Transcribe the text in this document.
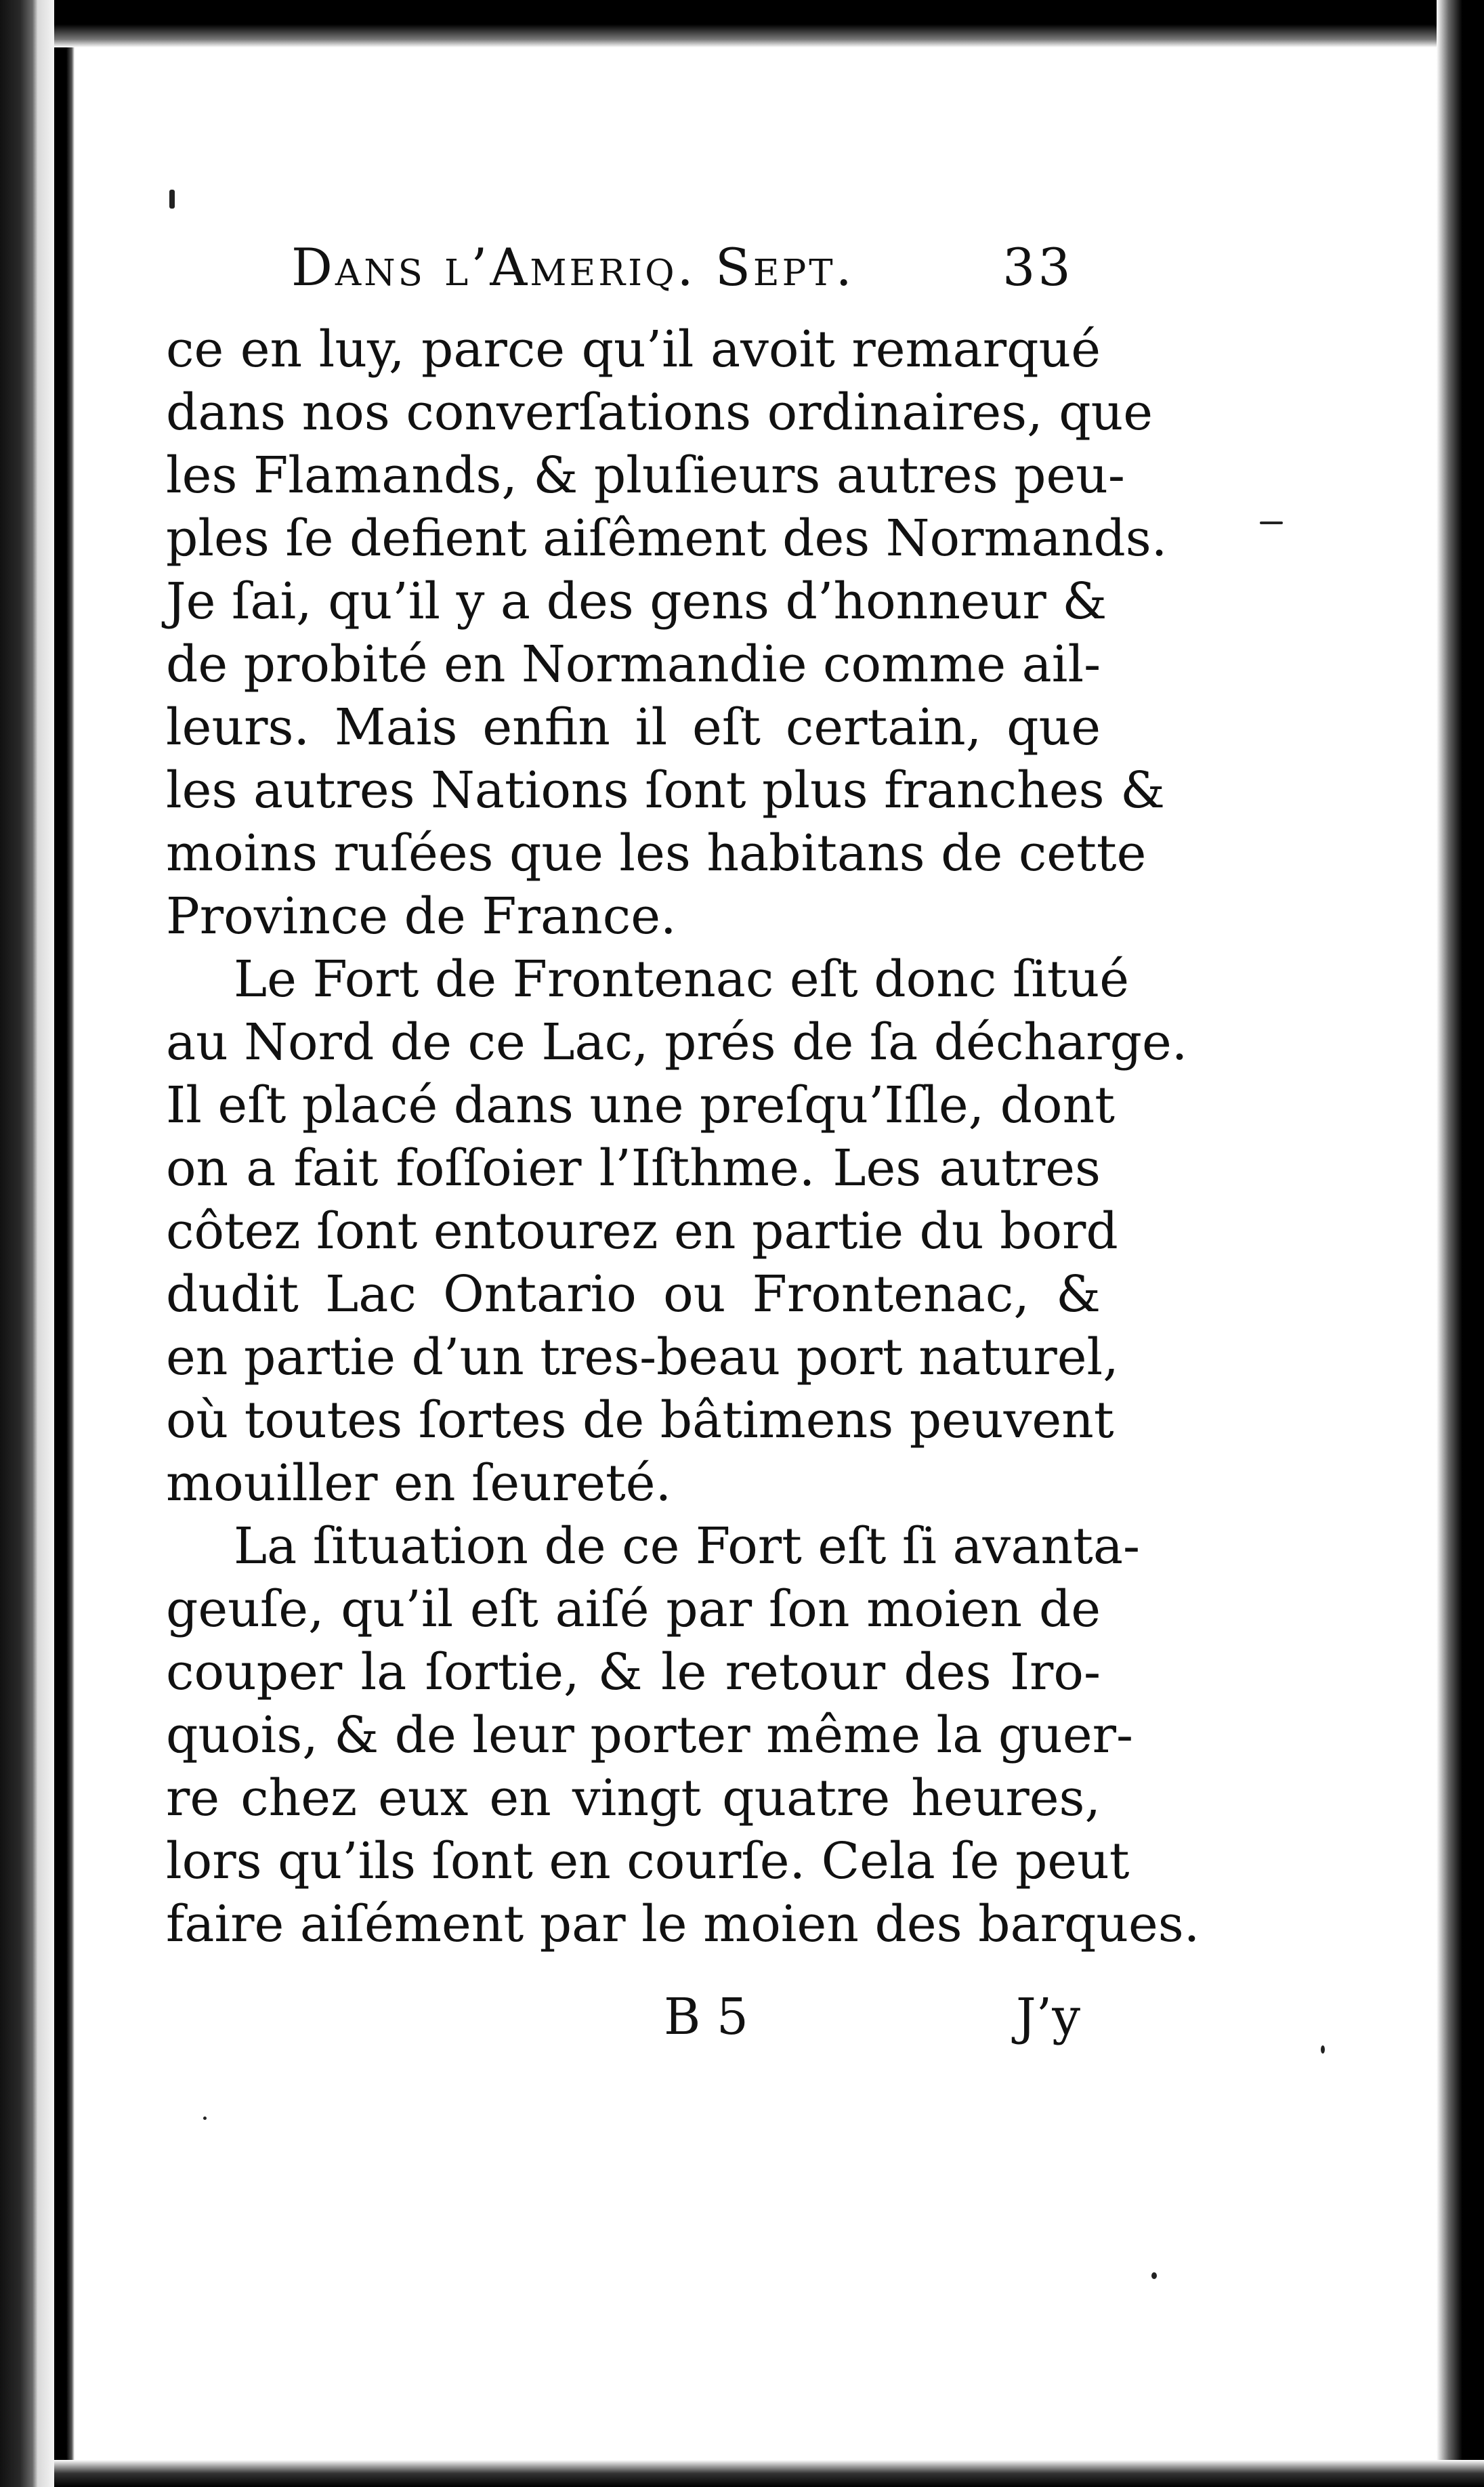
Dans l’Ameriq. Sept.	33
ce en luy, parce qu’il avoit remarqué
dans nos converſations ordinaires, que
les Flamands, & pluſieurs autres peu-
ples ſe defient aiſêment des Normands.
Je ſai, qu’il y a des gens d’honneur &
de probité en Normandie comme ail-
leurs. Mais enfin il eſt certain, que
les autres Nations ſont plus franches &
moins ruſées que les habitans de cette
Province de France.
Le Fort de Frontenac eſt donc ſitué
au Nord de ce Lac, prés de ſa décharge.
Il eſt placé dans une preſqu’Iſle, dont
on a fait foſſoier l’Iſthme. Les autres
côtez ſont entourez en partie du bord
dudit Lac Ontario ou Frontenac, &
en partie d’un tres-beau port naturel,
où toutes ſortes de bâtimens peuvent
mouiller en ſeureté.
La ſituation de ce Fort eſt ſi avanta-
geuſe, qu’il eſt aiſé par ſon moien de
couper la ſortie, & le retour des Iro-
quois, & de leur porter même la guer-
re chez eux en vingt quatre heures,
lors qu’ils ſont en courſe. Cela ſe peut
faire aiſément par le moien des barques.
B 5	J’y
